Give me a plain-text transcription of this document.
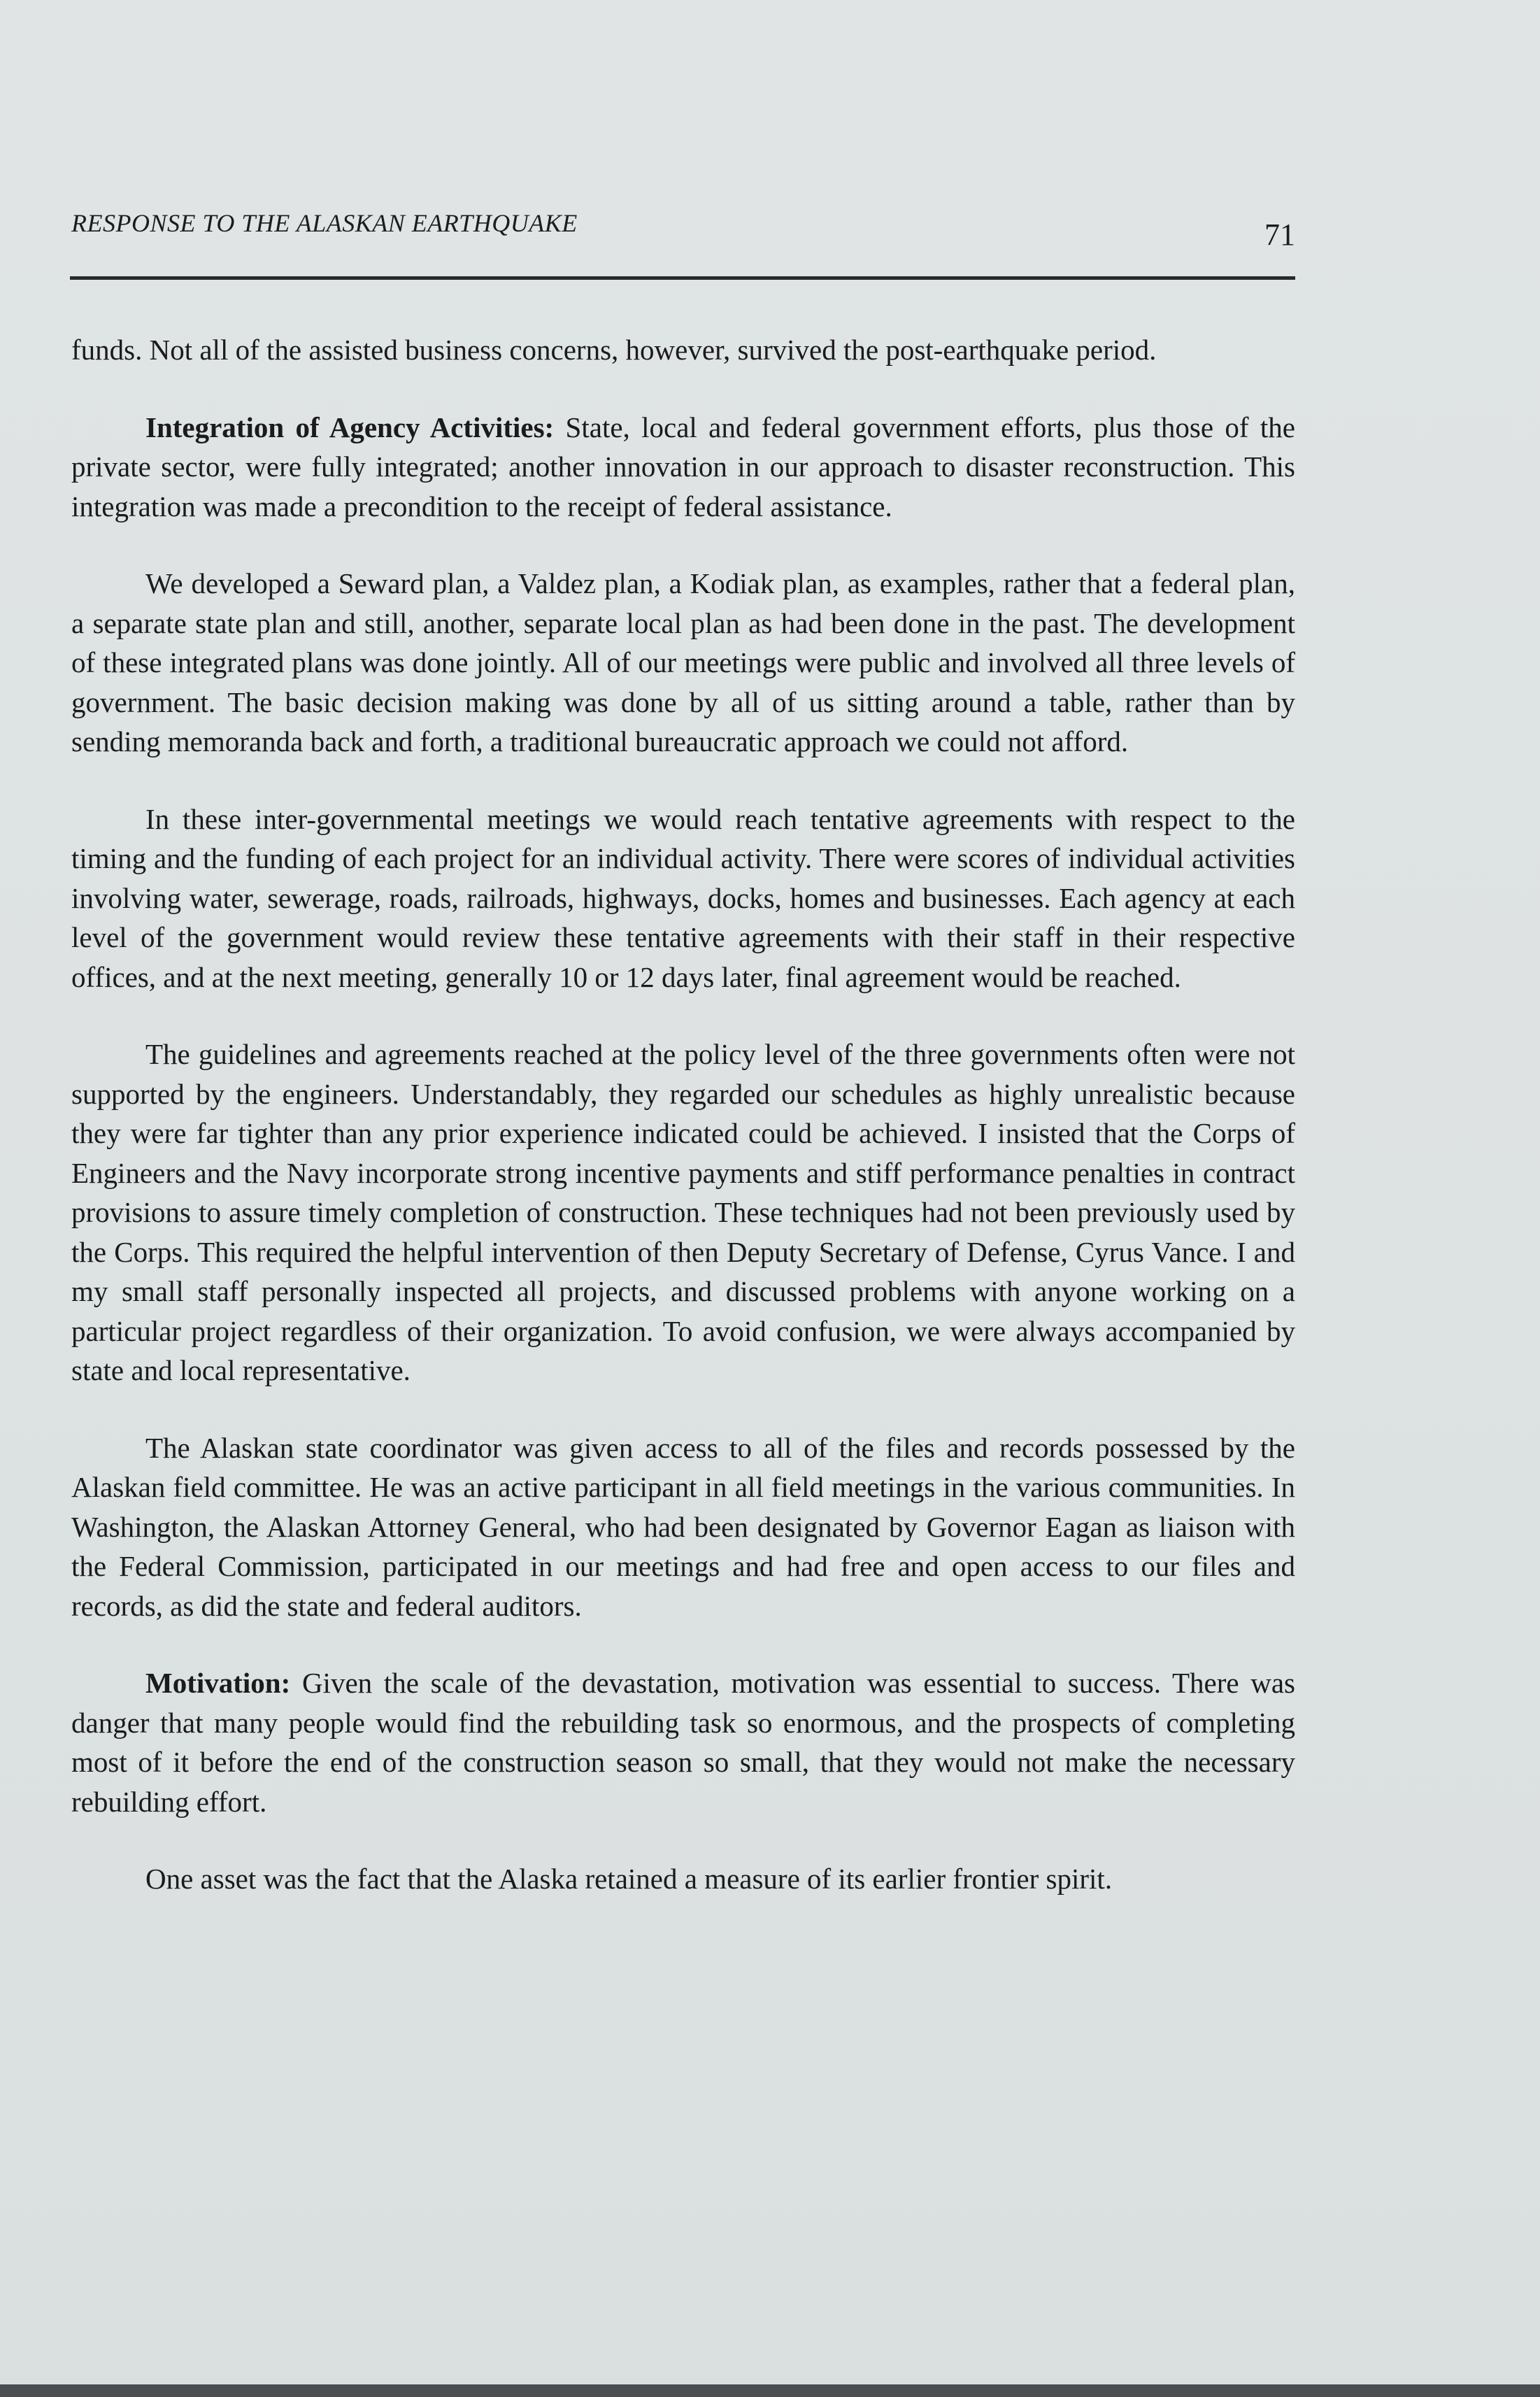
RESPONSE TO THE ALASKAN EARTHQUAKE	71

funds. Not all of the assisted business concerns, however, survived the post-earthquake period.

Integration of Agency Activities: State, local and federal government efforts, plus those of the private sector, were fully integrated; another innovation in our approach to disaster reconstruction. This integration was made a precondition to the receipt of federal assistance.

We developed a Seward plan, a Valdez plan, a Kodiak plan, as examples, rather that a federal plan, a separate state plan and still, another, separate local plan as had been done in the past. The development of these integrated plans was done jointly. All of our meetings were public and involved all three levels of government. The basic decision making was done by all of us sitting around a table, rather than by sending memoranda back and forth, a traditional bureaucratic approach we could not afford.

In these inter-governmental meetings we would reach tentative agreements with respect to the timing and the funding of each project for an individual activity. There were scores of individual activities involving water, sewerage, roads, railroads, highways, docks, homes and businesses. Each agency at each level of the government would review these tentative agreements with their staff in their respective offices, and at the next meeting, generally 10 or 12 days later, final agreement would be reached.

The guidelines and agreements reached at the policy level of the three governments often were not supported by the engineers. Understandably, they regarded our schedules as highly unrealistic because they were far tighter than any prior experience indicated could be achieved. I insisted that the Corps of Engineers and the Navy incorporate strong incentive payments and stiff performance penalties in contract provisions to assure timely completion of construction. These techniques had not been previously used by the Corps. This required the helpful intervention of then Deputy Secretary of Defense, Cyrus Vance. I and my small staff personally inspected all projects, and discussed problems with anyone working on a particular project regardless of their organization. To avoid confusion, we were always accompanied by state and local representative.

The Alaskan state coordinator was given access to all of the files and records possessed by the Alaskan field committee. He was an active participant in all field meetings in the various communities. In Washington, the Alaskan Attorney General, who had been designated by Governor Eagan as liaison with the Federal Commission, participated in our meetings and had free and open access to our files and records, as did the state and federal auditors.

Motivation: Given the scale of the devastation, motivation was essential to success. There was danger that many people would find the rebuilding task so enormous, and the prospects of completing most of it before the end of the construction season so small, that they would not make the necessary rebuilding effort.

One asset was the fact that the Alaska retained a measure of its earlier frontier spirit.
